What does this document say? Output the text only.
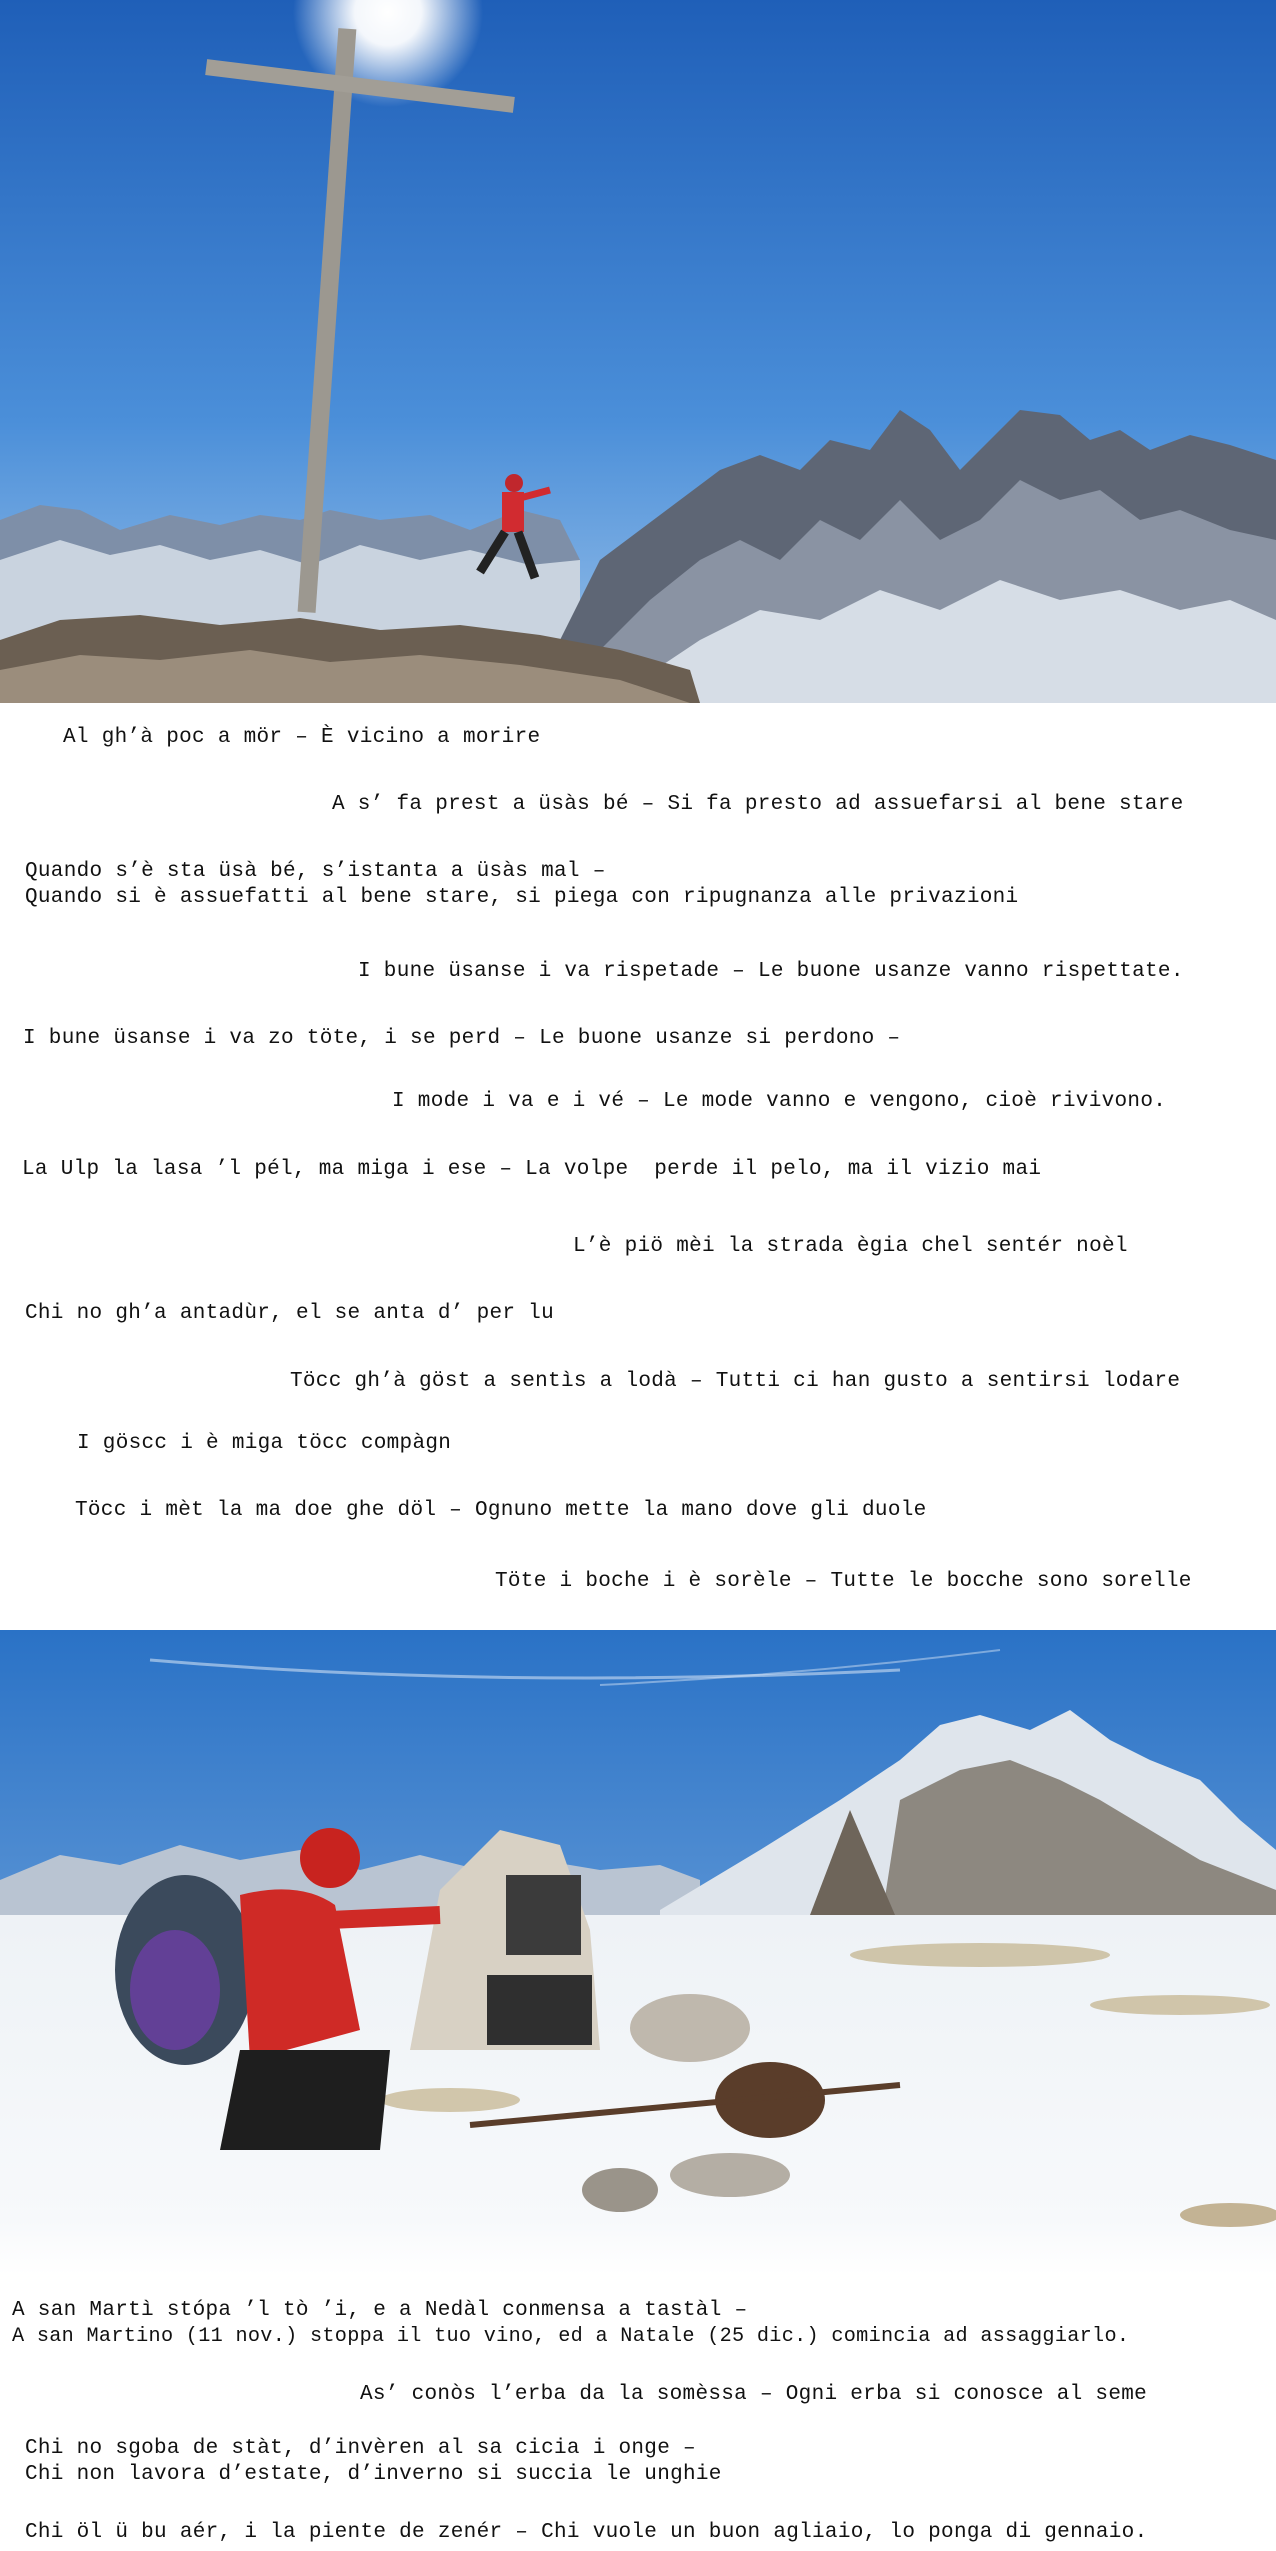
Al gh’à poc a mör – È vicino a morire
A s’ fa prest a üsàs bé – Si fa presto ad assuefarsi al bene stare
Quando s’è sta üsà bé, s’istanta a üsàs mal –
Quando si è assuefatti al bene stare, si piega con ripugnanza alle privazioni
I bune üsanse i va rispetade – Le buone usanze vanno rispettate.
I bune üsanse i va zo töte, i se perd – Le buone usanze si perdono –
I mode i va e i vé – Le mode vanno e vengono, cioè rivivono.
La Ulp la lasa ’l pél, ma miga i ese – La volpe  perde il pelo, ma il vizio mai
L’è piö mèi la strada ègia chel sentér noèl
Chi no gh’a antadùr, el se anta d’ per lu
Töcc gh’à göst a sentìs a lodà – Tutti ci han gusto a sentirsi lodare
I göscc i è miga töcc compàgn
Töcc i mèt la ma doe ghe döl – Ognuno mette la mano dove gli duole
Töte i boche i è sorèle – Tutte le bocche sono sorelle
A san Martì stópa ’l tò ’i, e a Nedàl conmensa a tastàl –
A san Martino (11 nov.) stoppa il tuo vino, ed a Natale (25 dic.) comincia ad assaggiarlo.
As’ conòs l’erba da la somèssa – Ogni erba si conosce al seme
Chi no sgoba de stàt, d’invèren al sa cicia i onge –
Chi non lavora d’estate, d’inverno si succia le unghie
Chi öl ü bu aér, i la piente de zenér – Chi vuole un buon agliaio, lo ponga di gennaio.
